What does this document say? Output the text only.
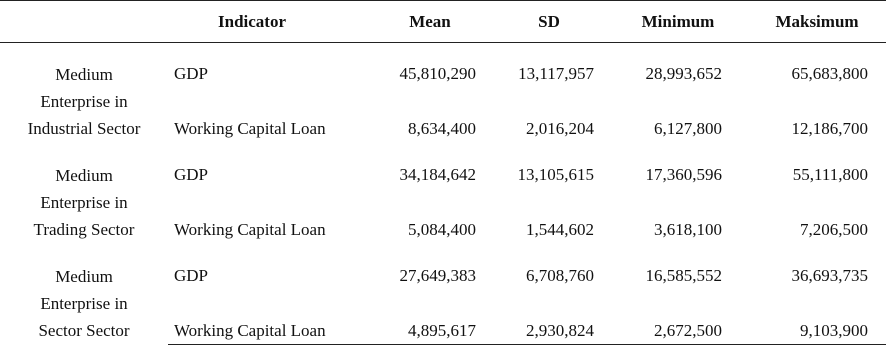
	Indicator	Mean	SD	Minimum	Maksimum

Medium
Enterprise in
Industrial Sector	GDP	45,810,290	13,117,957	28,993,652	65,683,800
	Working Capital Loan	8,634,400	2,016,204	6,127,800	12,186,700

Medium
Enterprise in
Trading Sector	GDP	34,184,642	13,105,615	17,360,596	55,111,800
	Working Capital Loan	5,084,400	1,544,602	3,618,100	7,206,500

Medium
Enterprise in
Sector Sector	GDP	27,649,383	6,708,760	16,585,552	36,693,735
	Working Capital Loan	4,895,617	2,930,824	2,672,500	9,103,900
